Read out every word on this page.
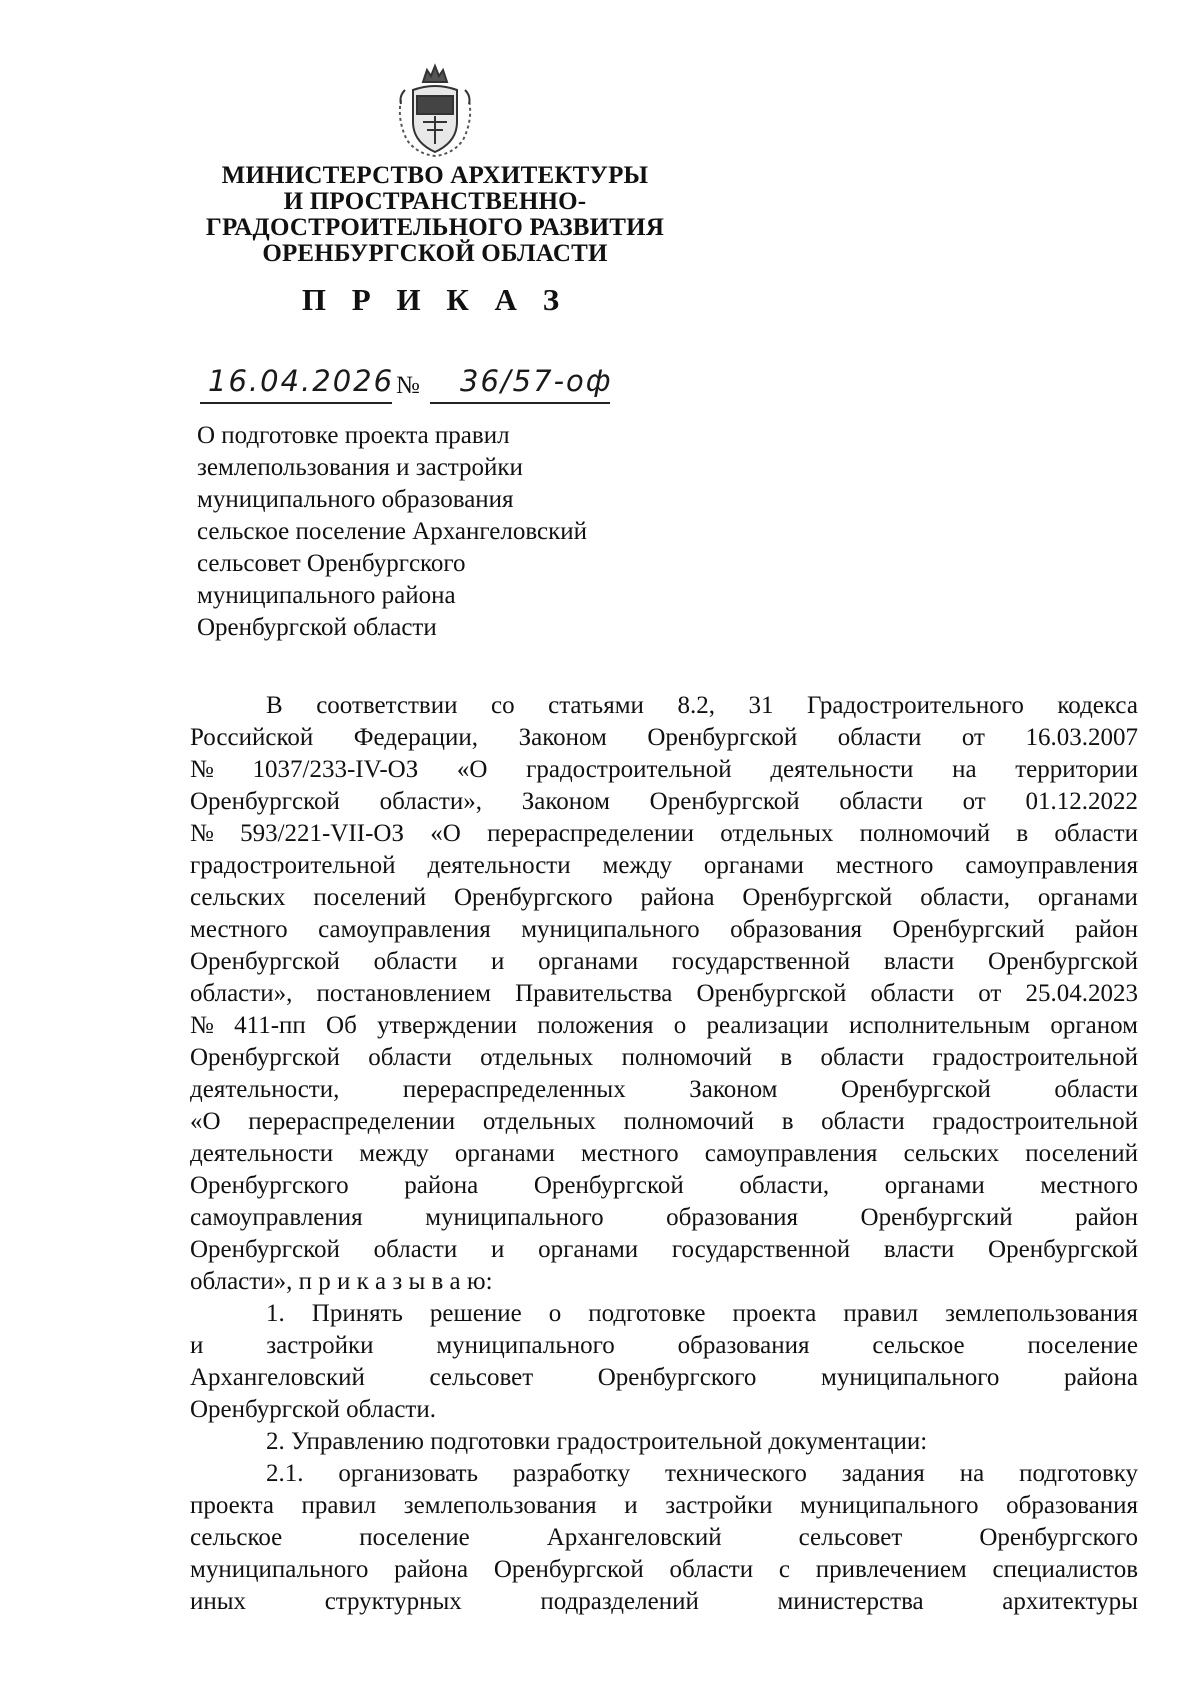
МИНИСТЕРСТВО АРХИТЕКТУРЫ
И ПРОСТРАНСТВЕННО-
ГРАДОСТРОИТЕЛЬНОГО РАЗВИТИЯ
ОРЕНБУРГСКОЙ ОБЛАСТИ
П Р И К А З
16.04.2026 № 36/57-оф
О подготовке проекта правил
землепользования и застройки
муниципального образования
сельское поселение Архангеловский
сельсовет Оренбургского
муниципального района
Оренбургской области
В соответствии со статьями 8.2, 31 Градостроительного кодекса
Российской Федерации, Законом Оренбургской области от 16.03.2007
№ 1037/233-IV-ОЗ «О градостроительной деятельности на территории
Оренбургской области», Законом Оренбургской области от 01.12.2022
№ 593/221-VII-ОЗ «О перераспределении отдельных полномочий в области
градостроительной деятельности между органами местного самоуправления
сельских поселений Оренбургского района Оренбургской области, органами
местного самоуправления муниципального образования Оренбургский район
Оренбургской области и органами государственной власти Оренбургской
области», постановлением Правительства Оренбургской области от 25.04.2023
№ 411-пп Об утверждении положения о реализации исполнительным органом
Оренбургской области отдельных полномочий в области градостроительной
деятельности,	перераспределенных	Законом	Оренбургской	области
«О перераспределении отдельных полномочий в области градостроительной
деятельности между органами местного самоуправления сельских поселений
Оренбургского района Оренбургской области, органами местного
самоуправления	муниципального	образования	Оренбургский	район
Оренбургской области и органами государственной власти Оренбургской
области», п р и к а з ы в а ю:
1. Принять решение о подготовке проекта правил землепользования
и	застройки	муниципального	образования	сельское	поселение
Архангеловский	сельсовет	Оренбургского	муниципального	района
Оренбургской области.
2. Управлению подготовки градостроительной документации:
2.1. организовать разработку технического задания на подготовку
проекта правил землепользования и застройки муниципального образования
сельское	поселение	Архангеловский	сельсовет	Оренбургского
муниципального района Оренбургской области с привлечением специалистов
иных	структурных	подразделений	министерства	архитектуры
